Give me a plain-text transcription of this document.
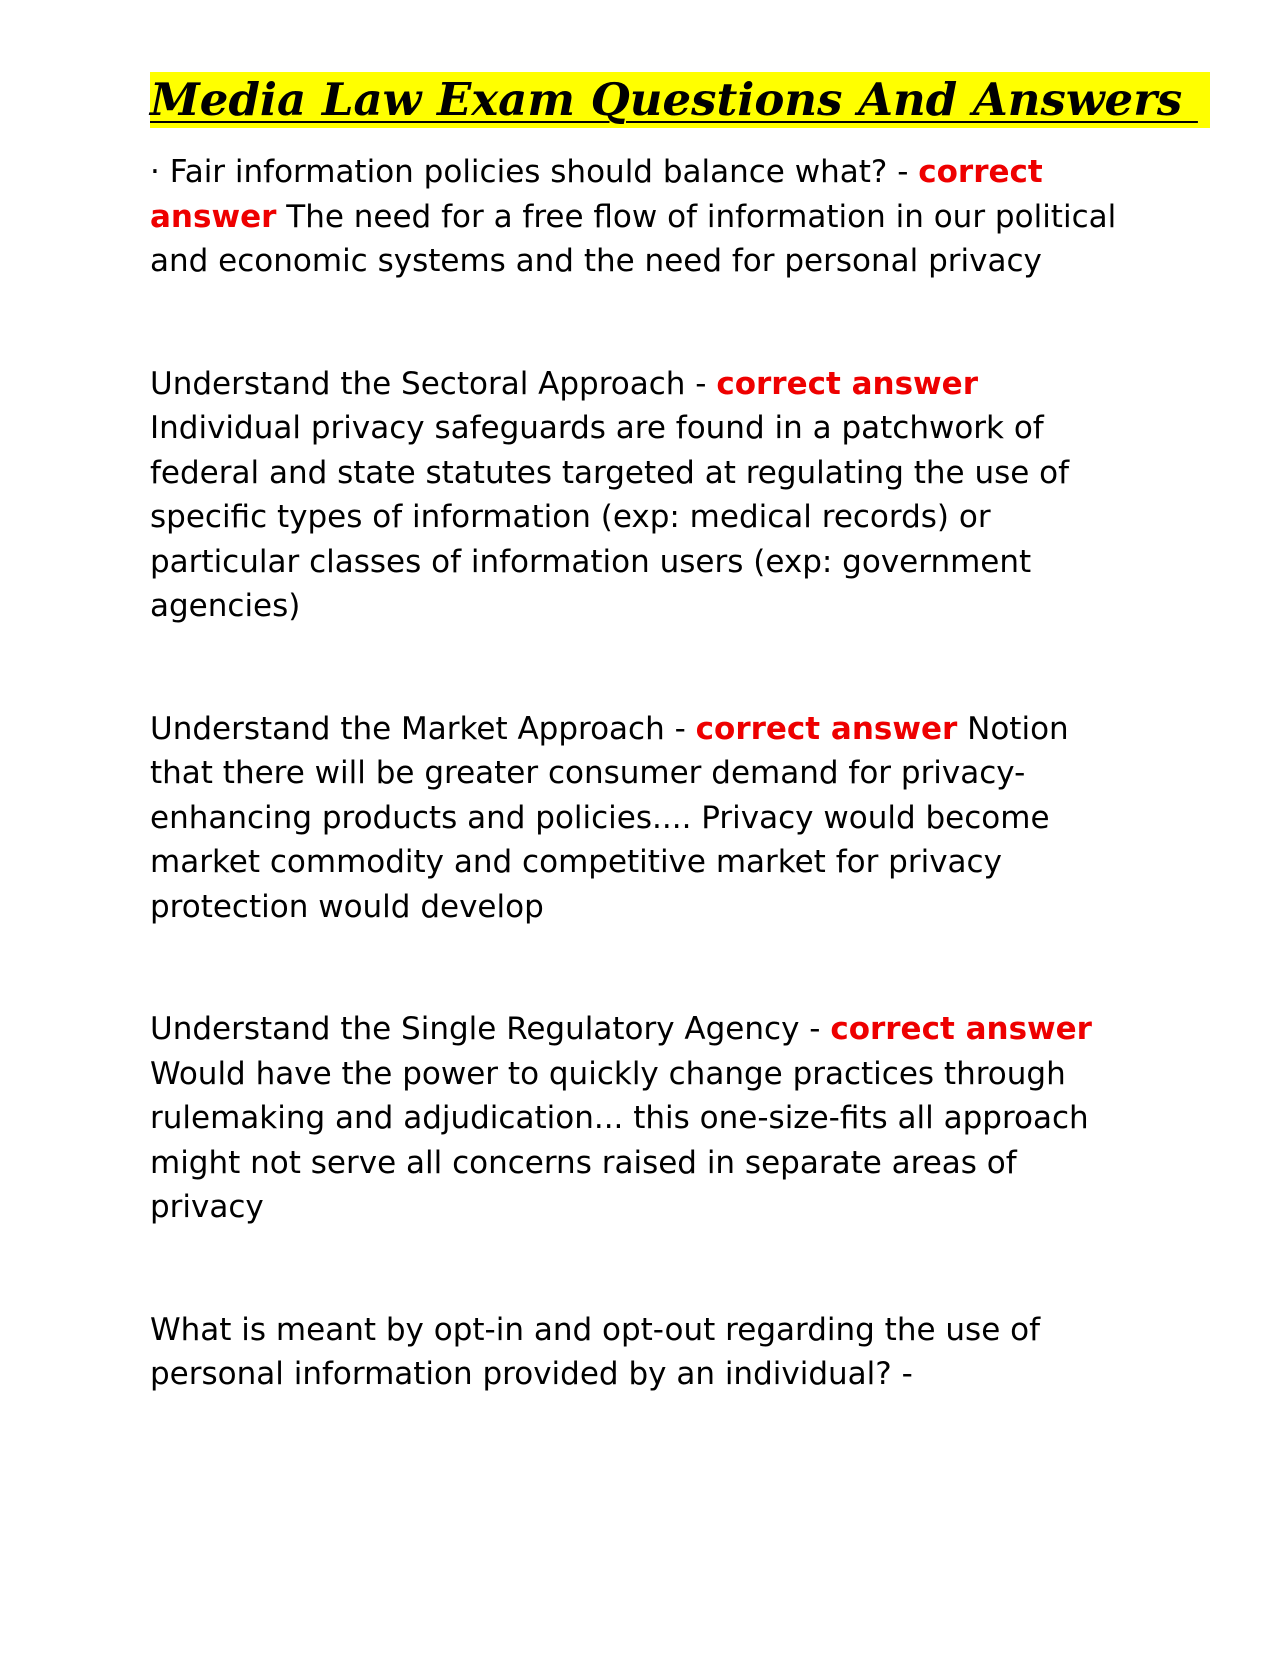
Media Law Exam Questions And Answers

· Fair information policies should balance what? - correct answer The need for a free flow of information in our political and economic systems and the need for personal privacy

Understand the Sectoral Approach - correct answer Individual privacy safeguards are found in a patchwork of federal and state statutes targeted at regulating the use of specific types of information (exp: medical records) or particular classes of information users (exp: government agencies)

Understand the Market Approach - correct answer Notion that there will be greater consumer demand for privacy-enhancing products and policies.... Privacy would become market commodity and competitive market for privacy protection would develop

Understand the Single Regulatory Agency - correct answer Would have the power to quickly change practices through rulemaking and adjudication... this one-size-fits all approach might not serve all concerns raised in separate areas of privacy

What is meant by opt-in and opt-out regarding the use of personal information provided by an individual? -
